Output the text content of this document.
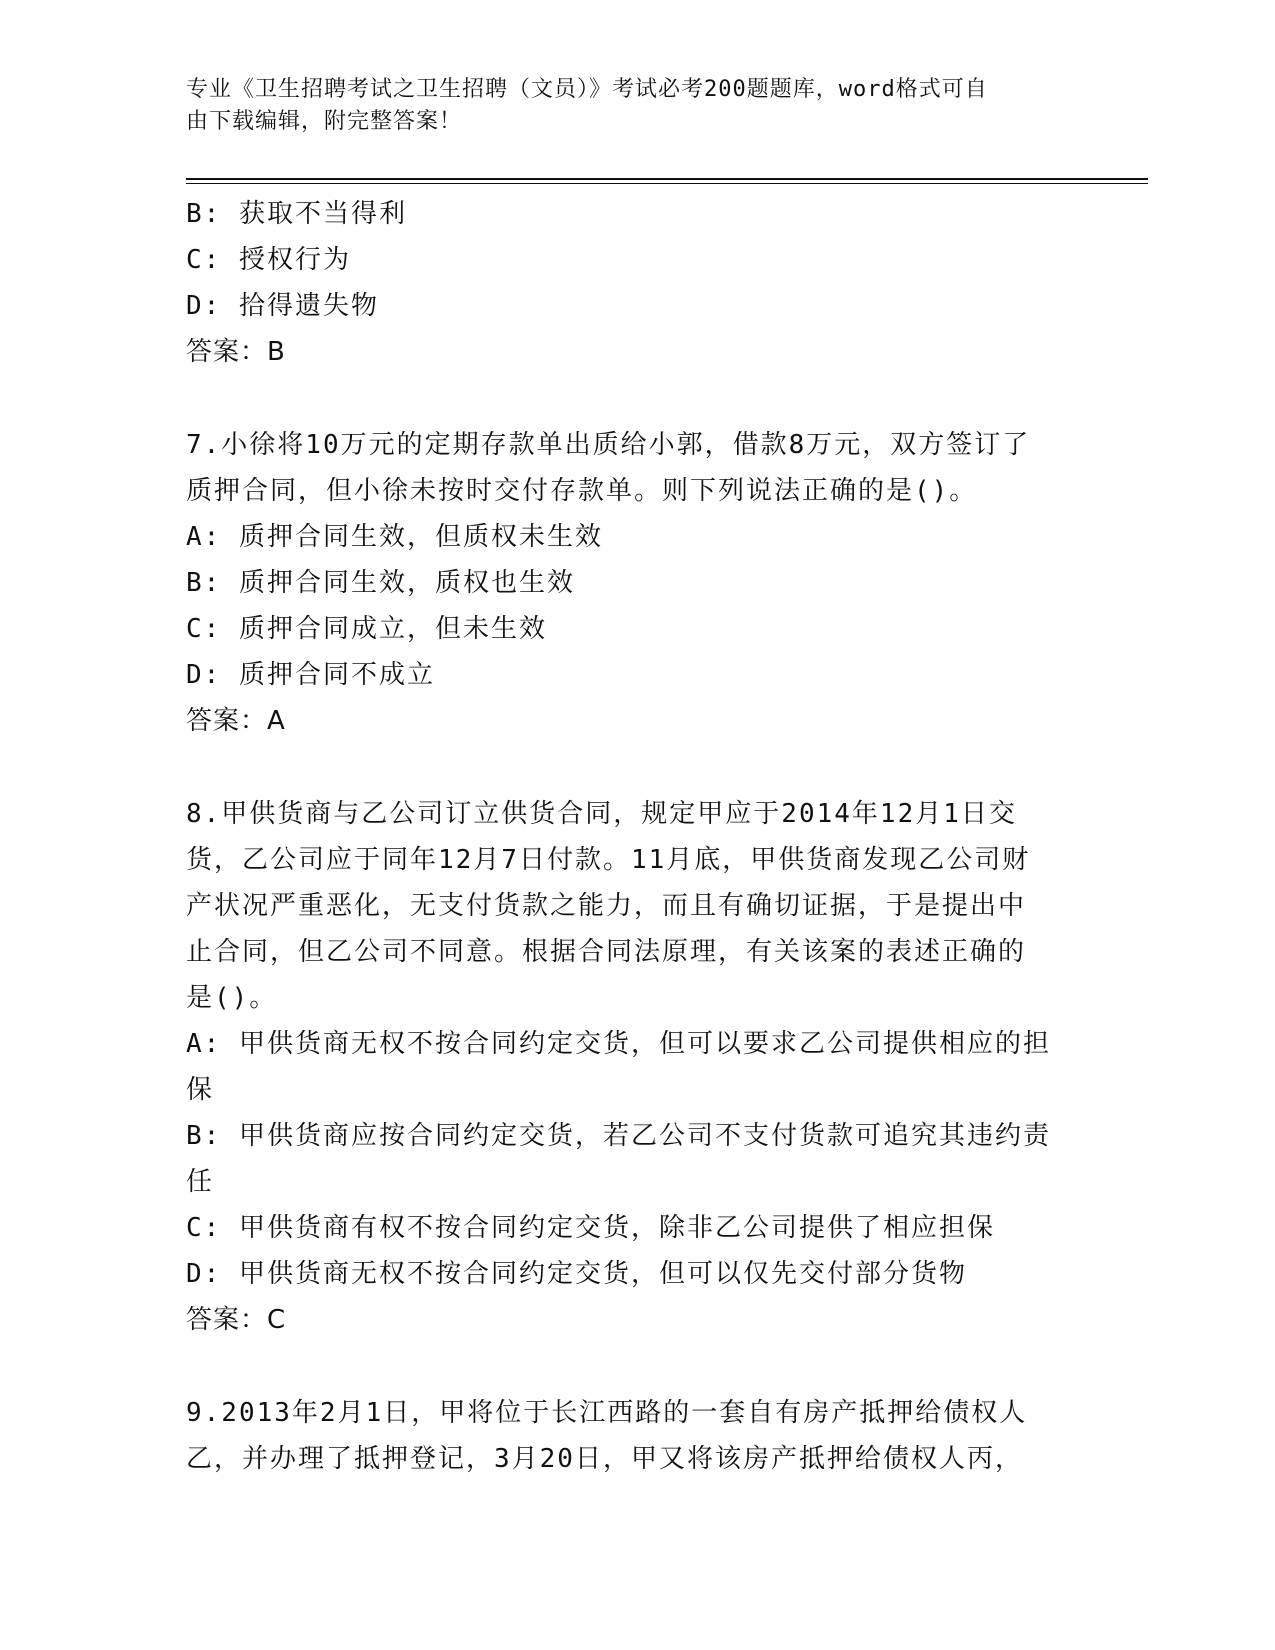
专业《卫生招聘考试之卫生招聘（文员）》考试必考200题题库，word格式可自
由下载编辑，附完整答案！
B: 获取不当得利
C: 授权行为
D: 拾得遗失物
答案：B
7.小徐将10万元的定期存款单出质给小郭，借款8万元，双方签订了
质押合同，但小徐未按时交付存款单。则下列说法正确的是()。
A: 质押合同生效，但质权未生效
B: 质押合同生效，质权也生效
C: 质押合同成立，但未生效
D: 质押合同不成立
答案：A
8.甲供货商与乙公司订立供货合同，规定甲应于2014年12月1日交
货，乙公司应于同年12月7日付款。11月底，甲供货商发现乙公司财
产状况严重恶化，无支付货款之能力，而且有确切证据，于是提出中
止合同，但乙公司不同意。根据合同法原理，有关该案的表述正确的
是()。
A: 甲供货商无权不按合同约定交货，但可以要求乙公司提供相应的担
保
B: 甲供货商应按合同约定交货，若乙公司不支付货款可追究其违约责
任
C: 甲供货商有权不按合同约定交货，除非乙公司提供了相应担保
D: 甲供货商无权不按合同约定交货，但可以仅先交付部分货物
答案：C
9.2013年2月1日，甲将位于长江西路的一套自有房产抵押给债权人
乙，并办理了抵押登记，3月20日，甲又将该房产抵押给债权人丙，
